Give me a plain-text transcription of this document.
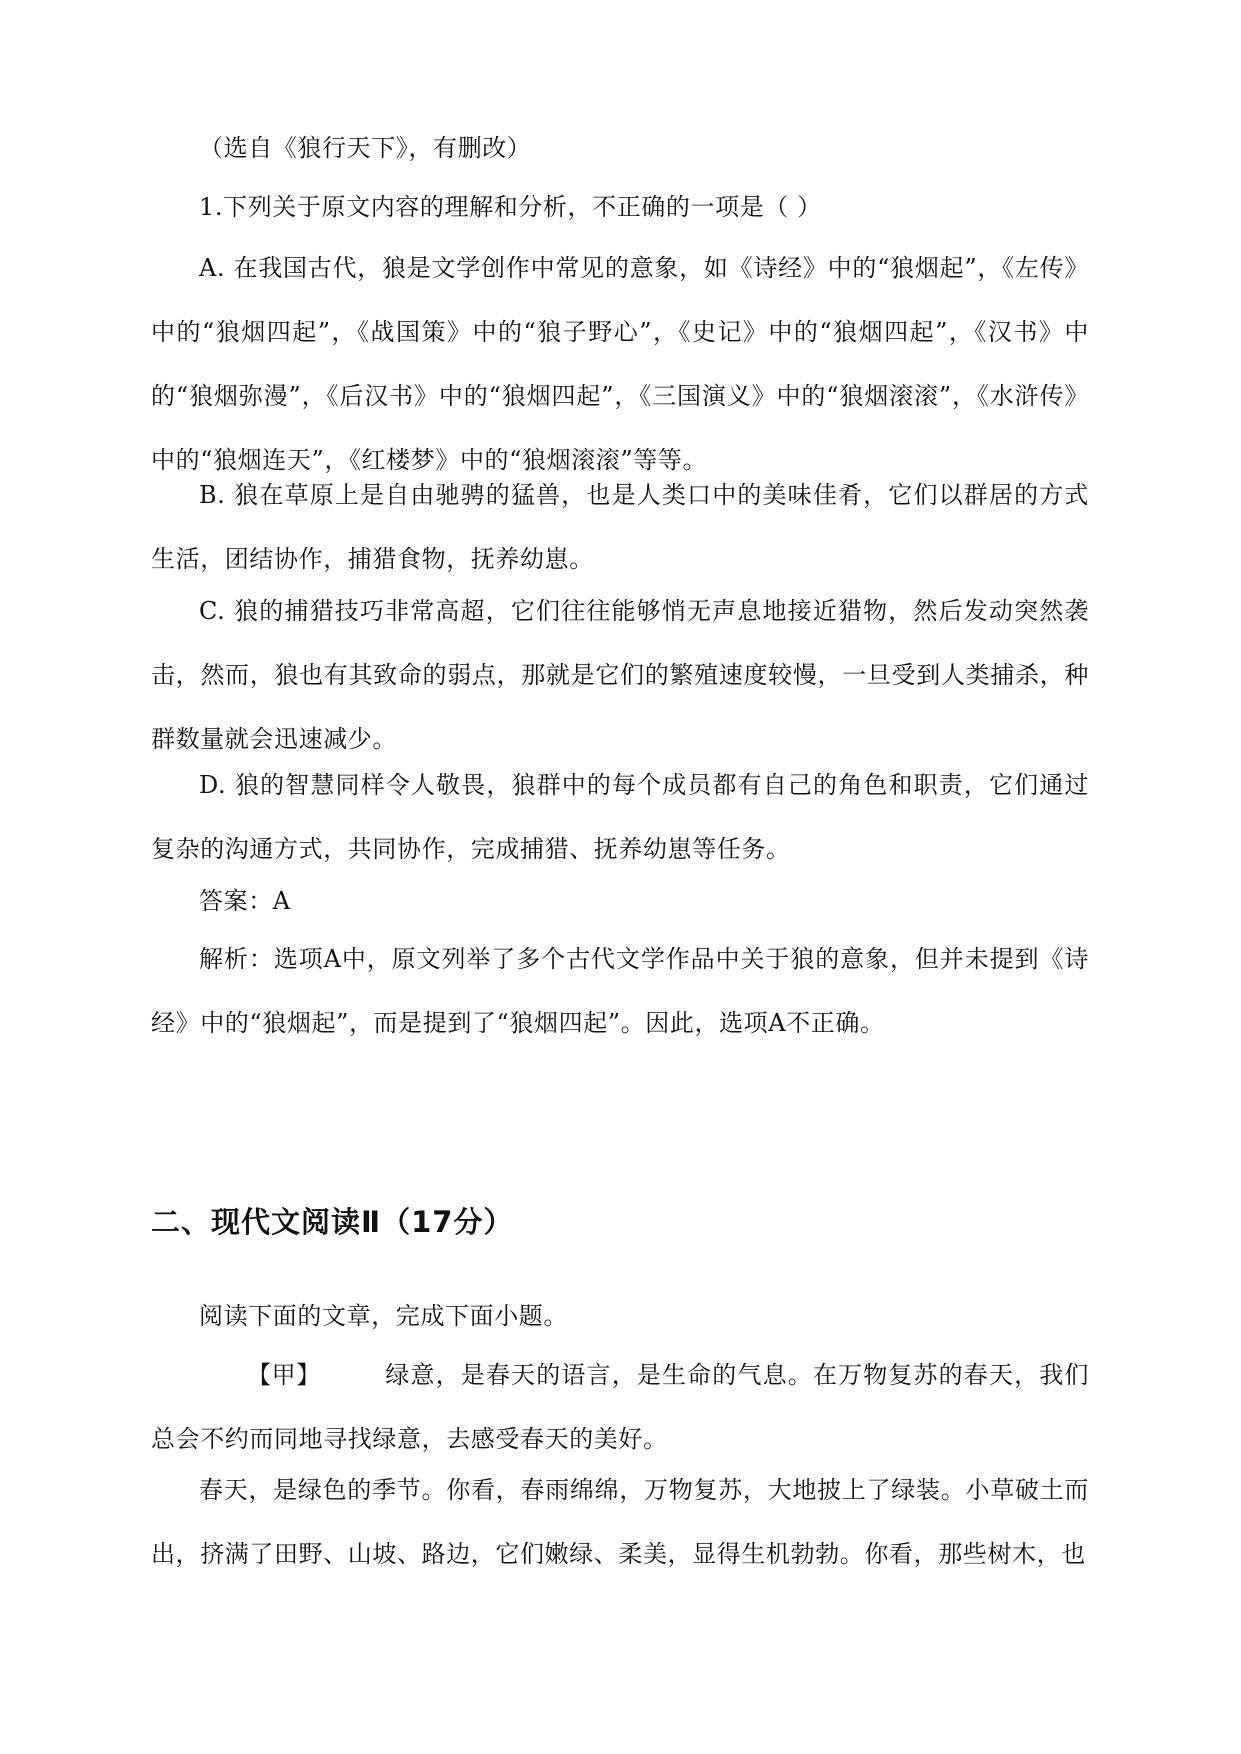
（选自《狼行天下》，有删改）

1.下列关于原文内容的理解和分析，不正确的一项是（ ）

A. 在我国古代，狼是文学创作中常见的意象，如《诗经》中的“狼烟起”，《左传》中的“狼烟四起”，《战国策》中的“狼子野心”，《史记》中的“狼烟四起”，《汉书》中的“狼烟弥漫”，《后汉书》中的“狼烟四起”，《三国演义》中的“狼烟滚滚”，《水浒传》中的“狼烟连天”，《红楼梦》中的“狼烟滚滚”等等。

B. 狼在草原上是自由驰骋的猛兽，也是人类口中的美味佳肴，它们以群居的方式生活，团结协作，捕猎食物，抚养幼崽。

C. 狼的捕猎技巧非常高超，它们往往能够悄无声息地接近猎物，然后发动突然袭击，然而，狼也有其致命的弱点，那就是它们的繁殖速度较慢，一旦受到人类捕杀，种群数量就会迅速减少。

D. 狼的智慧同样令人敬畏，狼群中的每个成员都有自己的角色和职责，它们通过复杂的沟通方式，共同协作，完成捕猎、抚养幼崽等任务。

答案：A

解析：选项A中，原文列举了多个古代文学作品中关于狼的意象，但并未提到《诗经》中的“狼烟起”，而是提到了“狼烟四起”。因此，选项A不正确。

二、现代文阅读Ⅱ（17分）

阅读下面的文章，完成下面小题。

【甲】	绿意，是春天的语言，是生命的气息。在万物复苏的春天，我们总会不约而同地寻找绿意，去感受春天的美好。

春天，是绿色的季节。你看，春雨绵绵，万物复苏，大地披上了绿装。小草破土而出，挤满了田野、山坡、路边，它们嫩绿、柔美，显得生机勃勃。你看，那些树木，也
